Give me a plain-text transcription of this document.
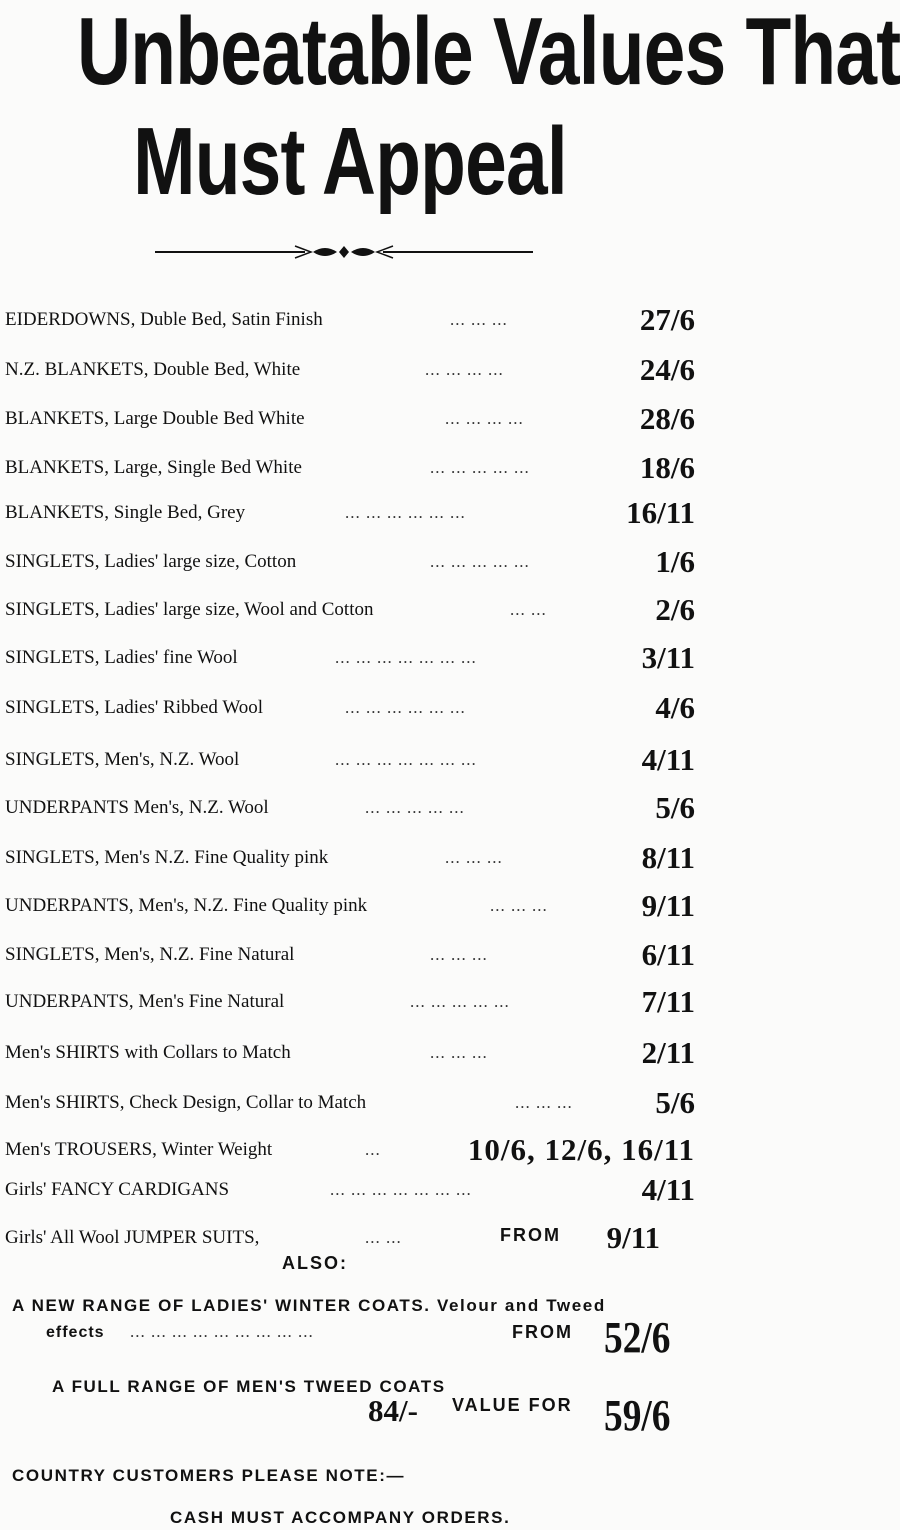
Unbeatable Values That
Must Appeal
EIDERDOWNS, Duble Bed, Satin Finish	... ... ...	27/6
N.Z. BLANKETS, Double Bed, White	... ... ... ...	24/6
BLANKETS, Large Double Bed White	... ... ... ...	28/6
BLANKETS, Large, Single Bed White	... ... ... ... ...	18/6
BLANKETS, Single Bed, Grey	... ... ... ... ... ...	16/11
SINGLETS, Ladies' large size, Cotton	... ... ... ... ...	1/6
SINGLETS, Ladies' large size, Wool and Cotton	... ...	2/6
SINGLETS, Ladies' fine Wool	... ... ... ... ... ... ...	3/11
SINGLETS, Ladies' Ribbed Wool	... ... ... ... ... ...	4/6
SINGLETS, Men's, N.Z. Wool	... ... ... ... ... ... ...	4/11
UNDERPANTS Men's, N.Z. Wool	... ... ... ... ...	5/6
SINGLETS, Men's N.Z. Fine Quality pink	... ... ...	8/11
UNDERPANTS, Men's, N.Z. Fine Quality pink	... ... ...	9/11
SINGLETS, Men's, N.Z. Fine Natural	... ... ...	6/11
UNDERPANTS, Men's Fine Natural	... ... ... ... ...	7/11
Men's SHIRTS with Collars to Match	... ... ...	2/11
Men's SHIRTS, Check Design, Collar to Match	... ... ...	5/6
Men's TROUSERS, Winter Weight	...	10/6, 12/6, 16/11
Girls' FANCY CARDIGANS	... ... ... ... ... ... ...	4/11
Girls' All Wool JUMPER SUITS,	... ...	FROM 9/11
ALSO:
A NEW RANGE OF LADIES' WINTER COATS. Velour and Tweed
effects ... ... ... ... ... ... ... ... ...	FROM 52/6
A FULL RANGE OF MEN'S TWEED COATS
84/- VALUE FOR 59/6
COUNTRY CUSTOMERS PLEASE NOTE:—
CASH MUST ACCOMPANY ORDERS.
